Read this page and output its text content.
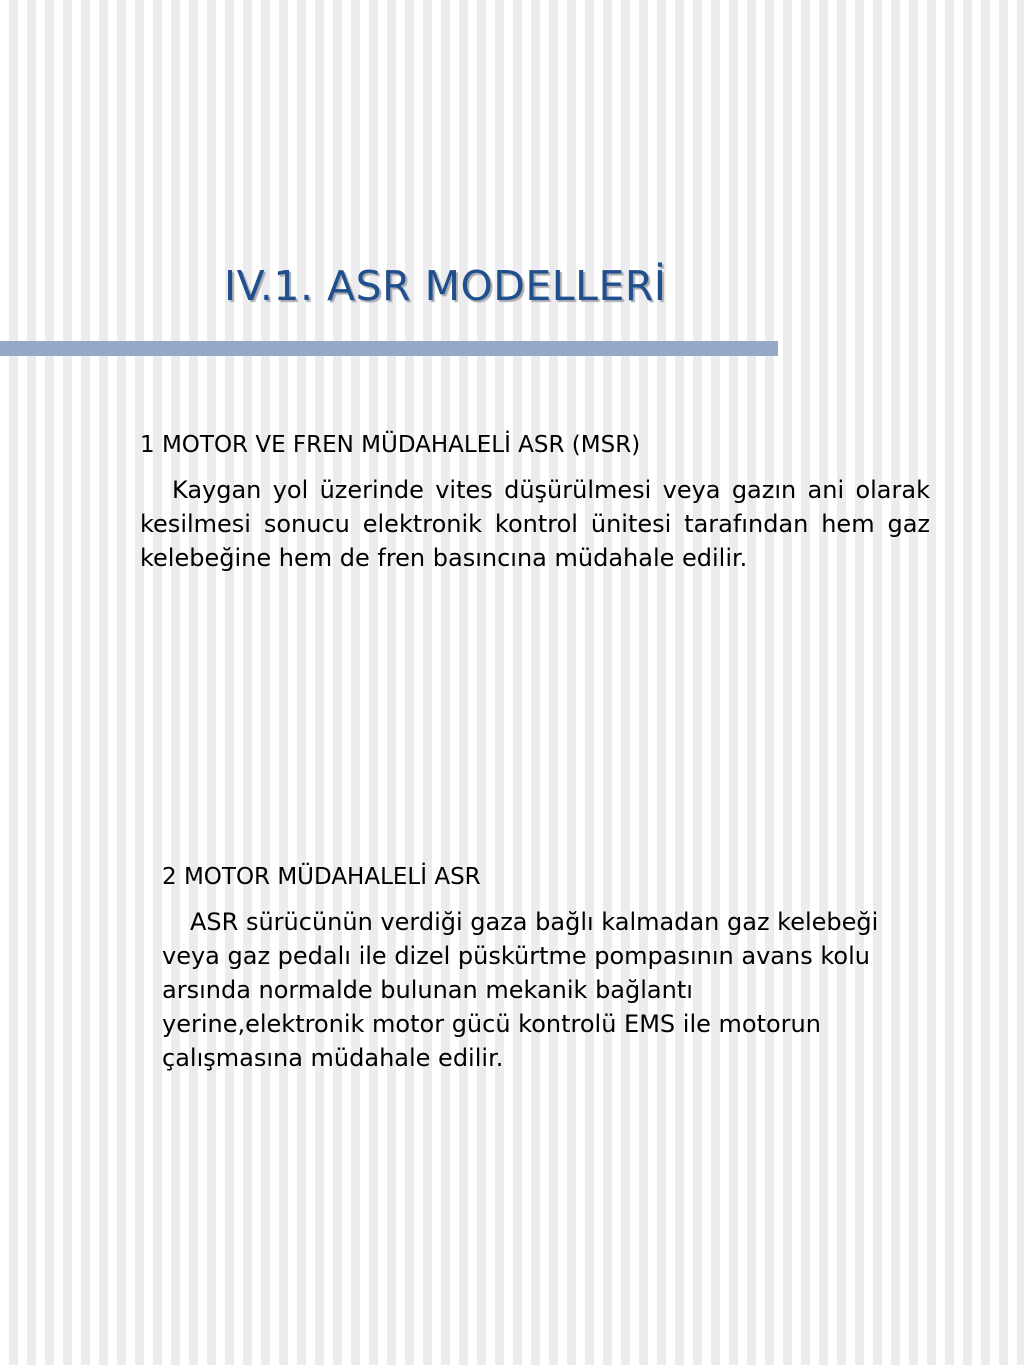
IV.1. ASR MODELLERİ

1 MOTOR VE FREN MÜDAHALELİ ASR (MSR)

Kaygan yol üzerinde vites düşürülmesi veya gazın ani olarak kesilmesi sonucu elektronik kontrol ünitesi tarafından hem gaz kelebeğine hem de fren basıncına müdahale edilir.

2 MOTOR MÜDAHALELİ ASR

ASR sürücünün verdiği gaza bağlı kalmadan gaz kelebeği veya gaz pedalı ile dizel püskürtme pompasının avans kolu arsında normalde bulunan mekanik bağlantı yerine,elektronik motor gücü kontrolü EMS ile motorun çalışmasına müdahale edilir.
